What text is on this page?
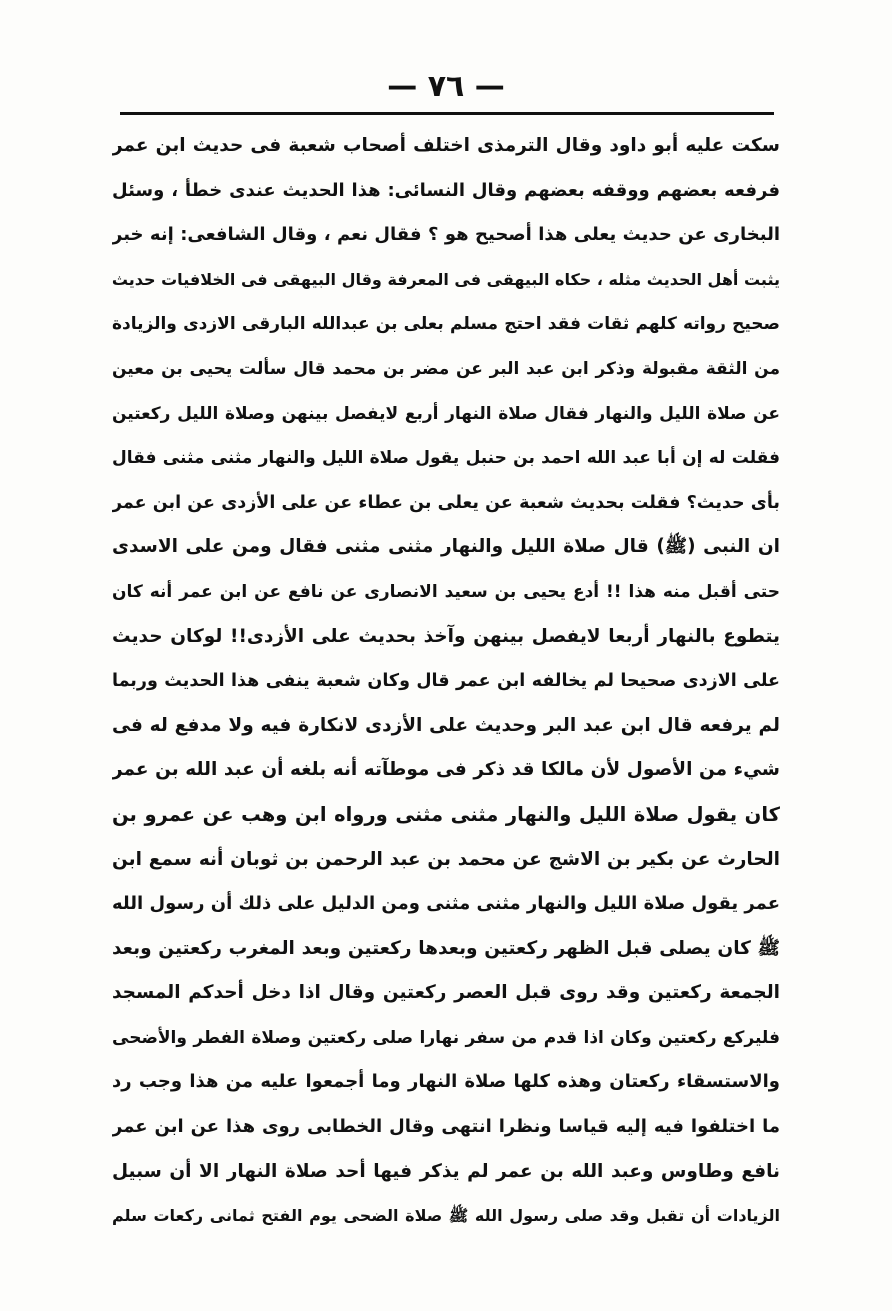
— ٧٦ —
سكت عليه أبو داود وقال الترمذى اختلف أصحاب شعبة فى حديث ابن عمر
فرفعه بعضهم ووقفه بعضهم وقال النسائى: هذا الحديث عندى خطأ ، وسئل
البخارى عن حديث يعلى هذا أصحيح هو ؟ فقال نعم ، وقال الشافعى: إنه خبر
يثبت أهل الحديث مثله ، حكاه البيهقى فى المعرفة وقال البيهقى فى الخلافيات حديث
صحيح رواته كلهم ثقات فقد احتج مسلم بعلى بن عبدالله البارقى الازدى والزيادة
من الثقة مقبولة وذكر ابن عبد البر عن مضر بن محمد قال سألت يحيى بن معين
عن صلاة الليل والنهار فقال صلاة النهار أربع لايفصل بينهن وصلاة الليل ركعتين
فقلت له إن أبا عبد الله احمد بن حنبل يقول صلاة الليل والنهار مثنى مثنى فقال
بأى حديث؟ فقلت بحديث شعبة عن يعلى بن عطاء عن على الأزدى عن ابن عمر
ان النبى (ﷺ) قال صلاة الليل والنهار مثنى مثنى فقال ومن على الاسدى
حتى أقبل منه هذا !! أدع يحيى بن سعيد الانصارى عن نافع عن ابن عمر أنه كان
يتطوع بالنهار أربعا لايفصل بينهن وآخذ بحديث على الأزدى!! لوكان حديث
على الازدى صحيحا لم يخالفه ابن عمر قال وكان شعبة ينفى هذا الحديث وربما
لم يرفعه قال ابن عبد البر وحديث على الأزدى لانكارة فيه ولا مدفع له فى
شيء من الأصول لأن مالكا قد ذكر فى موطآته أنه بلغه أن عبد الله بن عمر
كان يقول صلاة الليل والنهار مثنى مثنى ورواه ابن وهب عن عمرو بن
الحارث عن بكير بن الاشج عن محمد بن عبد الرحمن بن ثوبان أنه سمع ابن
عمر يقول صلاة الليل والنهار مثنى مثنى ومن الدليل على ذلك أن رسول الله
ﷺ كان يصلى قبل الظهر ركعتين وبعدها ركعتين وبعد المغرب ركعتين وبعد
الجمعة ركعتين وقد روى قبل العصر ركعتين وقال اذا دخل أحدكم المسجد
فليركع ركعتين وكان اذا قدم من سفر نهارا صلى ركعتين وصلاة الفطر والأضحى
والاستسقاء ركعتان وهذه كلها صلاة النهار وما أجمعوا عليه من هذا وجب رد
ما اختلفوا فيه إليه قياسا ونظرا انتهى وقال الخطابى روى هذا عن ابن عمر
نافع وطاوس وعبد الله بن عمر لم يذكر فيها أحد صلاة النهار الا أن سبيل
الزيادات أن تقبل وقد صلى رسول الله ﷺ صلاة الضحى يوم الفتح ثمانى ركعات سلم
